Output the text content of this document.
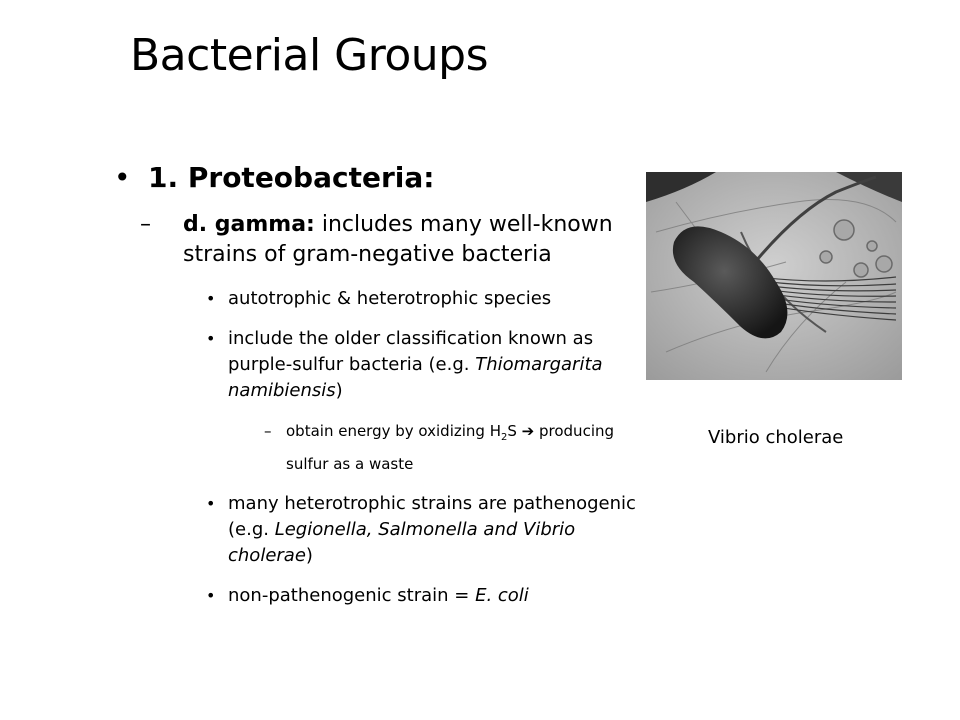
Bacterial Groups
• 1. Proteobacteria:
– d. gamma: includes many well-known strains of gram-negative bacteria
• autotrophic & heterotrophic species
• include the older classification known as purple-sulfur bacteria (e.g. Thiomargarita namibiensis)
– obtain energy by oxidizing $H_2S$ ➔ producing sulfur as a waste
• many heterotrophic strains are pathenogenic (e.g. Legionella, Salmonella and Vibrio cholerae)
• non-pathenogenic strain = E. coli
Vibrio cholerae
